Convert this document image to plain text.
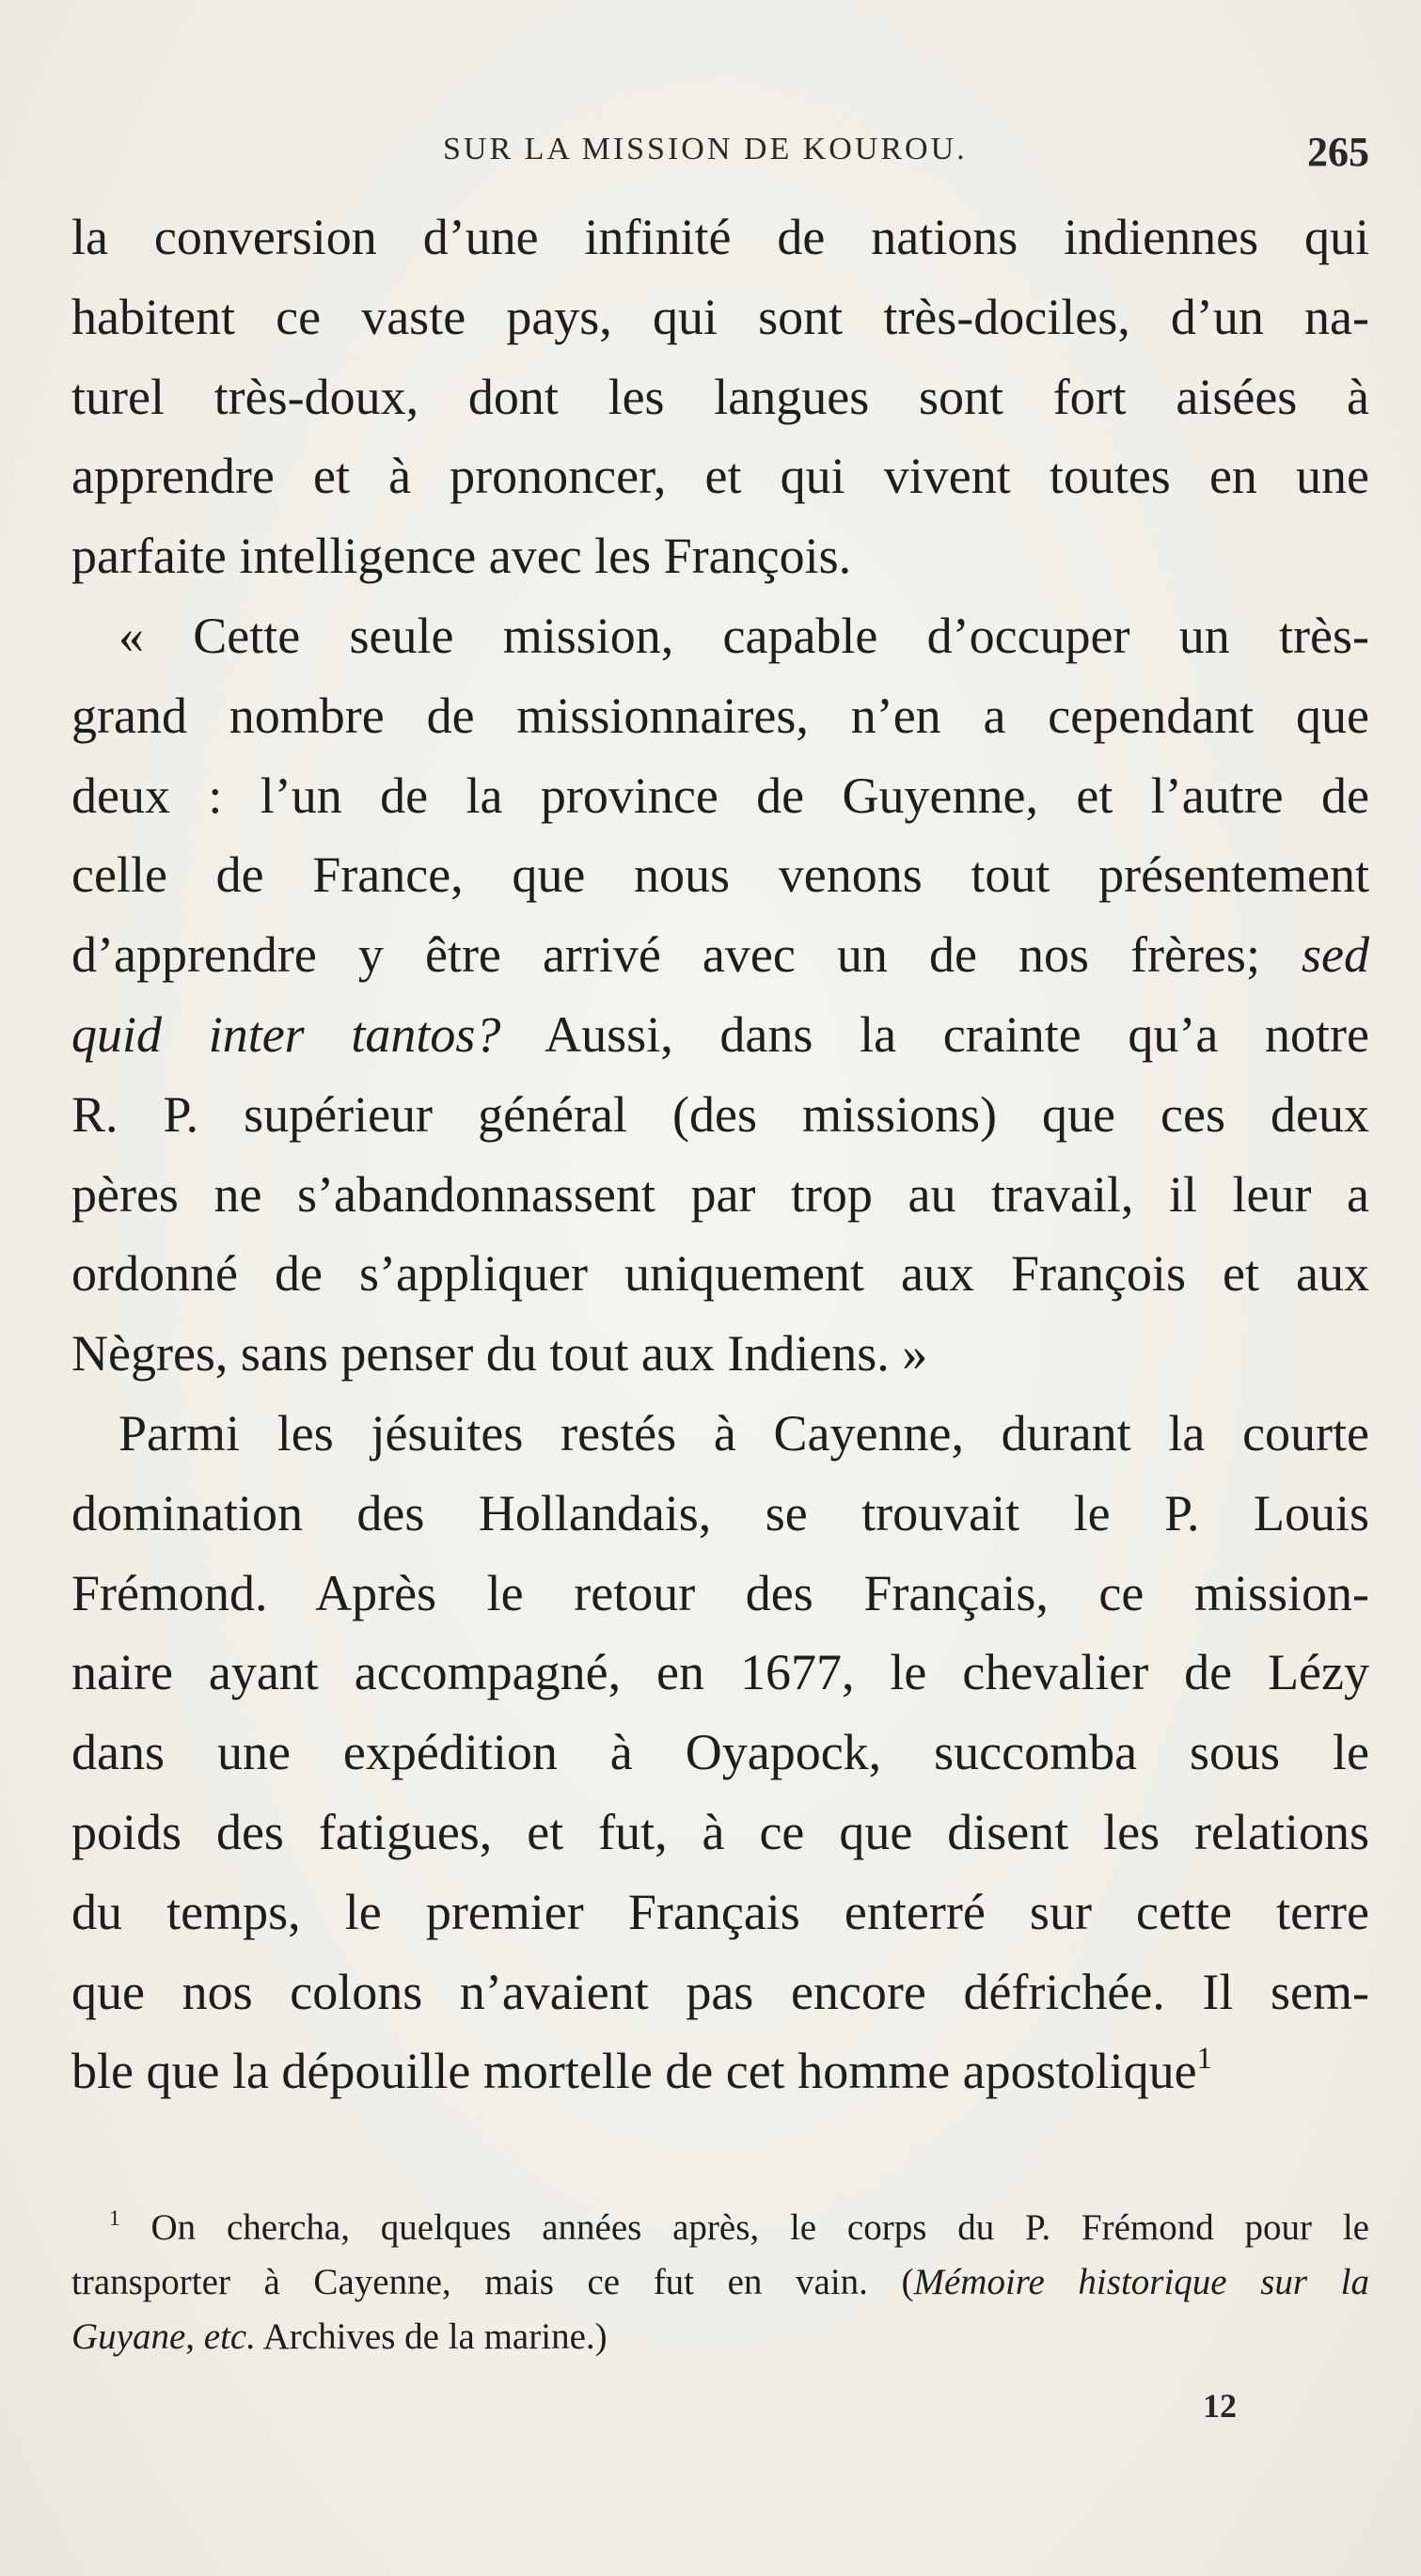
SUR LA MISSION DE KOUROU.	265
la conversion d’une infinité de nations indiennes qui
habitent ce vaste pays, qui sont très-dociles, d’un na-
turel très-doux, dont les langues sont fort aisées à
apprendre et à prononcer, et qui vivent toutes en une
parfaite intelligence avec les François.
« Cette seule mission, capable d’occuper un très-
grand nombre de missionnaires, n’en a cependant que
deux : l’un de la province de Guyenne, et l’autre de
celle de France, que nous venons tout présentement
d’apprendre y être arrivé avec un de nos frères; sed
quid inter tantos? Aussi, dans la crainte qu’a notre
R. P. supérieur général (des missions) que ces deux
pères ne s’abandonnassent par trop au travail, il leur a
ordonné de s’appliquer uniquement aux François et aux
Nègres, sans penser du tout aux Indiens. »
Parmi les jésuites restés à Cayenne, durant la courte
domination des Hollandais, se trouvait le P. Louis
Frémond. Après le retour des Français, ce mission-
naire ayant accompagné, en 1677, le chevalier de Lézy
dans une expédition à Oyapock, succomba sous le
poids des fatigues, et fut, à ce que disent les relations
du temps, le premier Français enterré sur cette terre
que nos colons n’avaient pas encore défrichée. Il sem-
ble que la dépouille mortelle de cet homme apostolique$^1$
$^1$ On chercha, quelques années après, le corps du P. Frémond pour le
transporter à Cayenne, mais ce fut en vain. (Mémoire historique sur la
Guyane, etc. Archives de la marine.)
12
